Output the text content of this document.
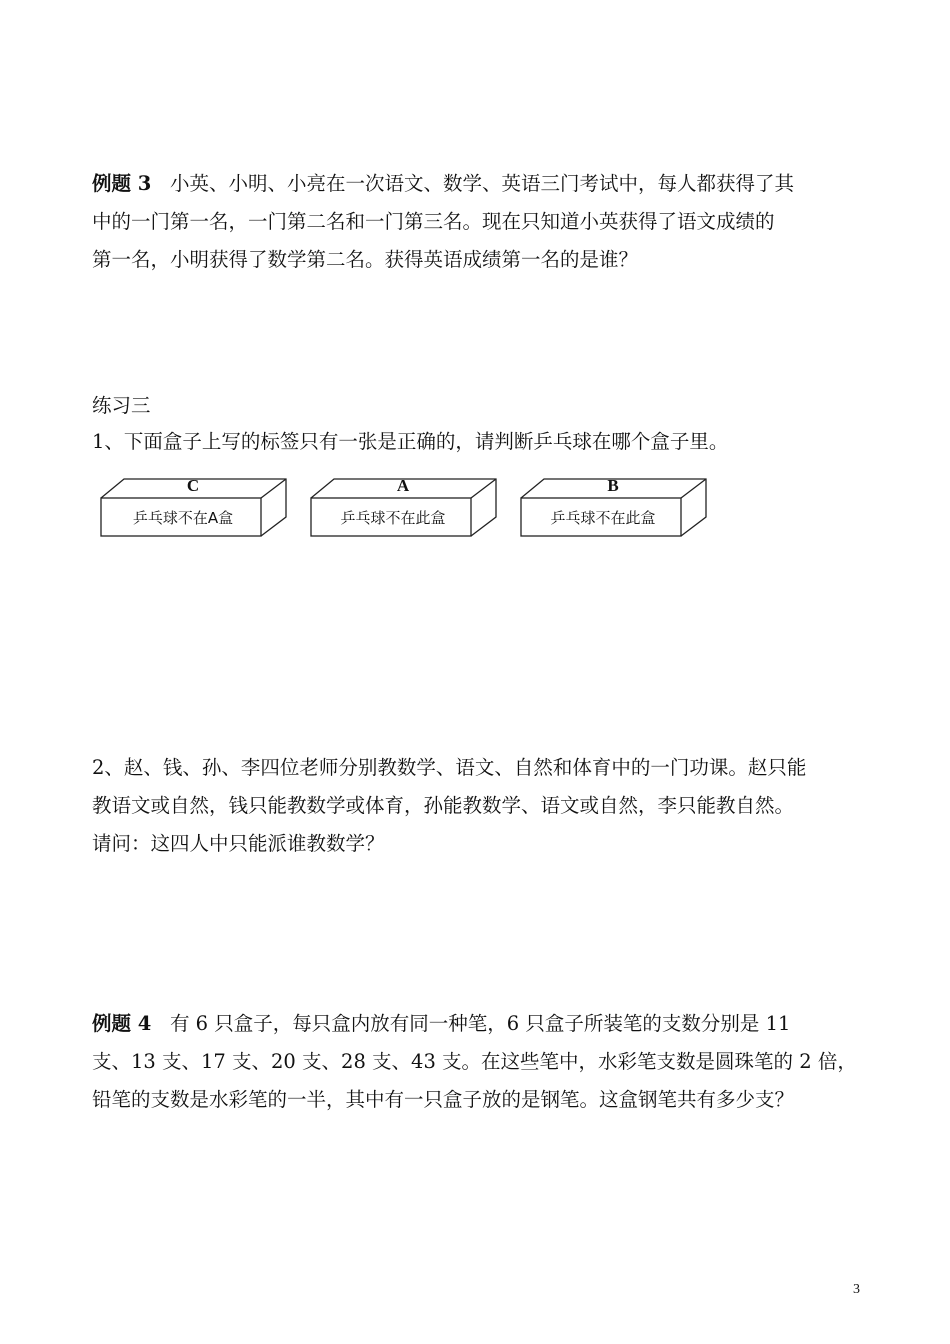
例题 3 小英、小明、小亮在一次语文、数学、英语三门考试中，每人都获得了其
中的一门第一名，一门第二名和一门第三名。现在只知道小英获得了语文成绩的
第一名，小明获得了数学第二名。获得英语成绩第一名的是谁？
练习三
1、下面盒子上写的标签只有一张是正确的，请判断乒乓球在哪个盒子里。
C
乒乓球不在A盒
A
乒乓球不在此盒
B
乒乓球不在此盒
2、赵、钱、孙、李四位老师分别教数学、语文、自然和体育中的一门功课。赵只能
教语文或自然，钱只能教数学或体育，孙能教数学、语文或自然，李只能教自然。
请问：这四人中只能派谁教数学？
例题 4 有 6 只盒子，每只盒内放有同一种笔，6 只盒子所装笔的支数分别是 11
支、13 支、17 支、20 支、28 支、43 支。在这些笔中，水彩笔支数是圆珠笔的 2 倍，
铅笔的支数是水彩笔的一半，其中有一只盒子放的是钢笔。这盒钢笔共有多少支？
3
